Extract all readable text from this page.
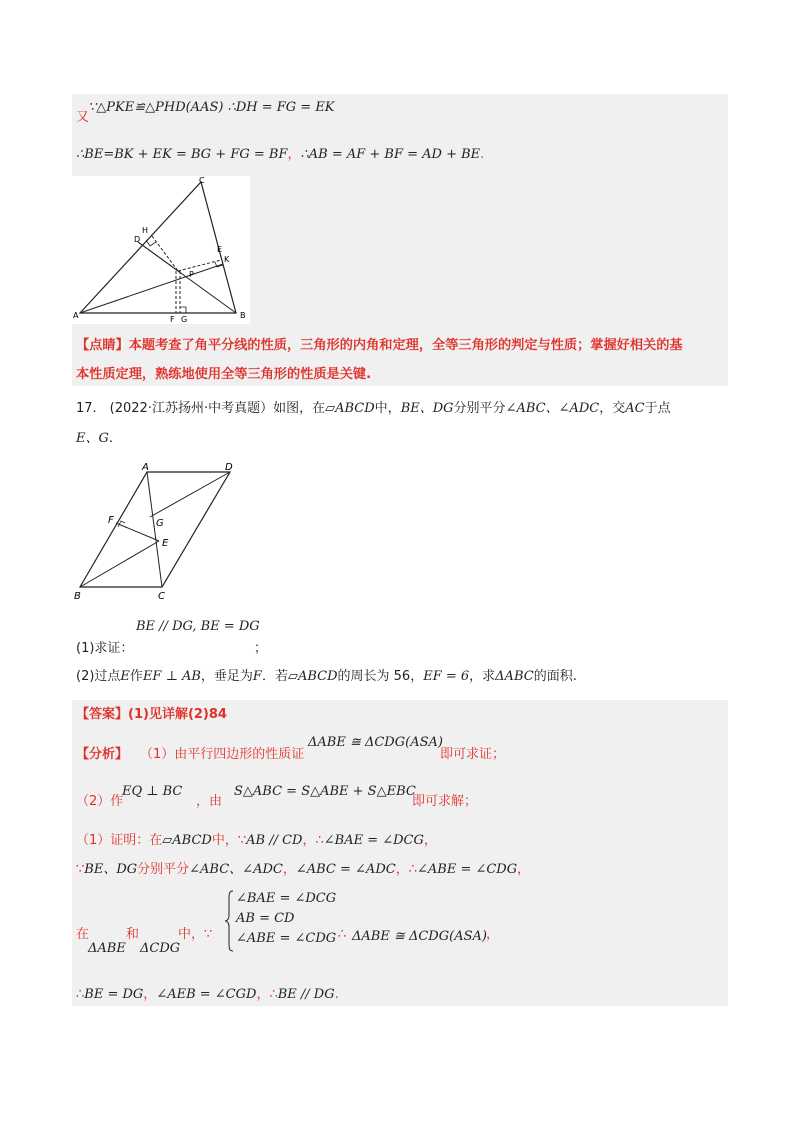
∵△PKE≌△PHD(AAS) ∴DH = FG = EK
又
∴BE=BK + EK = BG + FG = BF，∴AB = AF + BF = AD + BE.
C
H
D
E
K
P
A	B
F G
【点睛】本题考查了角平分线的性质，三角形的内角和定理，全等三角形的判定与性质；掌握好相关的基
本性质定理，熟练地使用全等三角形的性质是关键.
17.　(2022·江苏扬州·中考真题）如图，在▱ABCD中，BE、DG分别平分∠ABC、∠ADC，交AC于点
E、G.
A	D
F	G
E
B	C
(1)求证：
BE // DG, BE = DG
；
(2)过点E作EF ⊥ AB，垂足为F．若▱ABCD的周长为 56，EF = 6，求ΔABC的面积.
【答案】(1)见详解(2)84
【分析】 （1）由平行四边形的性质证
ΔABE ≅ ΔCDG(ASA)
即可求证；
（2）作
EQ ⊥ BC
，由
S△ABC = S△ABE + S△EBC
即可求解；
（1）证明：在▱ABCD中，∵AB // CD，∴∠BAE = ∠DCG，
∵BE、DG分别平分∠ABC、∠ADC，∠ABC = ∠ADC，∴∠ABE = ∠CDG，
在
ΔABE
和
ΔCDG
中，∵
∠BAE = ∠DCG
AB = CD
∠ABE = ∠CDG ∴ ΔABE ≅ ΔCDG(ASA) ，
∴BE = DG，∠AEB = ∠CGD，∴BE // DG.
